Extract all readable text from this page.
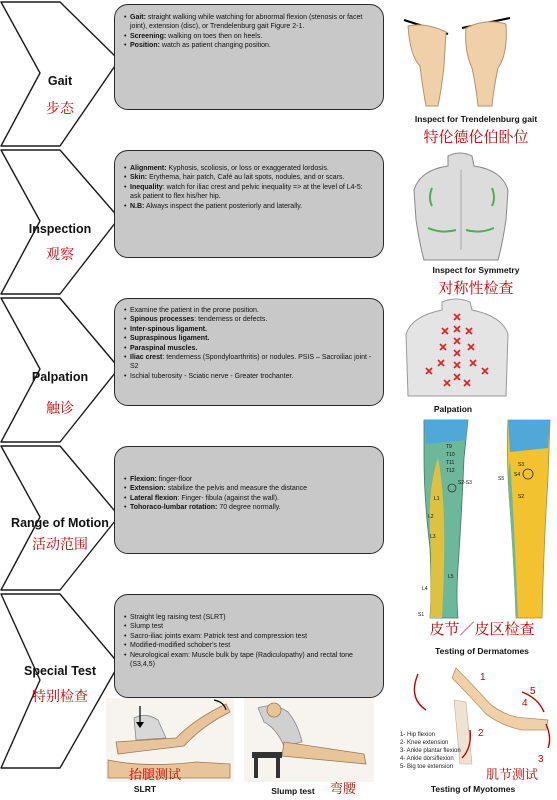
Gait
步态
Inspection
观察
Palpation
触诊
Range of Motion
活动范围
Special Test
特别检查
• Gait: straight walking while watching for abnormal flexion (stenosis or facet joint), extension (disc), or Trendelenburg gait Figure 2-1.
• Screening: walking on toes then on heels.
• Position: watch as patient changing position.
• Alignment: Kyphosis, scoliosis, or loss or exaggerated lordosis.
• Skin: Erythema, hair patch, Café au lait spots, nodules, and or scars.
• Inequality: watch for iliac crest and pelvic inequality => at the level of L4-5: ask patient to flex his/her hip.
• N.B: Always inspect the patient posteriorly and laterally.
• Examine the patient in the prone position.
• Spinous processes: tenderness or defects.
• Inter-spinous ligament.
• Supraspinous ligament.
• Paraspinal muscles.
• Iliac crest: tenderness (Spondyloarthritis) or nodules. PSIS – Sacroiliac joint - S2
• Ischial tuberosity - Sciatic nerve - Greater trochanter.
• Flexion: finger-floor
• Extension: stabilize the pelvis and measure the distance
• Lateral flexion: Finger- fibula (against the wall).
• Tohoraco-lumbar rotation: 70 degree normally.
• Straight leg raising test (SLRT)
• Slump test
• Sacro-iliac joints exam: Patrick test and compression test
• Modified-modified schober's test
• Neurological exam: Muscle bulk by tape (Radiculopathy) and rectal tone (S3,4,5)
Inspect for Trendelenburg gait
特伦德伦伯卧位
Inspect for Symmetry
对称性检查
Palpation
T9
T10
T11
T12
L1
L2
L3
L4
L5
S1
S2
S3
S4
S5
S2-S3
皮节／皮区检查
Testing of Dermatomes
1
2
3
4
5
1- Hip flexion
2- Knee extension
3- Ankle plantar flexion
4- Ankle dorsiflexion
5- Big toe extension	肌节测试
Testing of Myotomes
抬腿测试
SLRT	弯腰
Slump test
